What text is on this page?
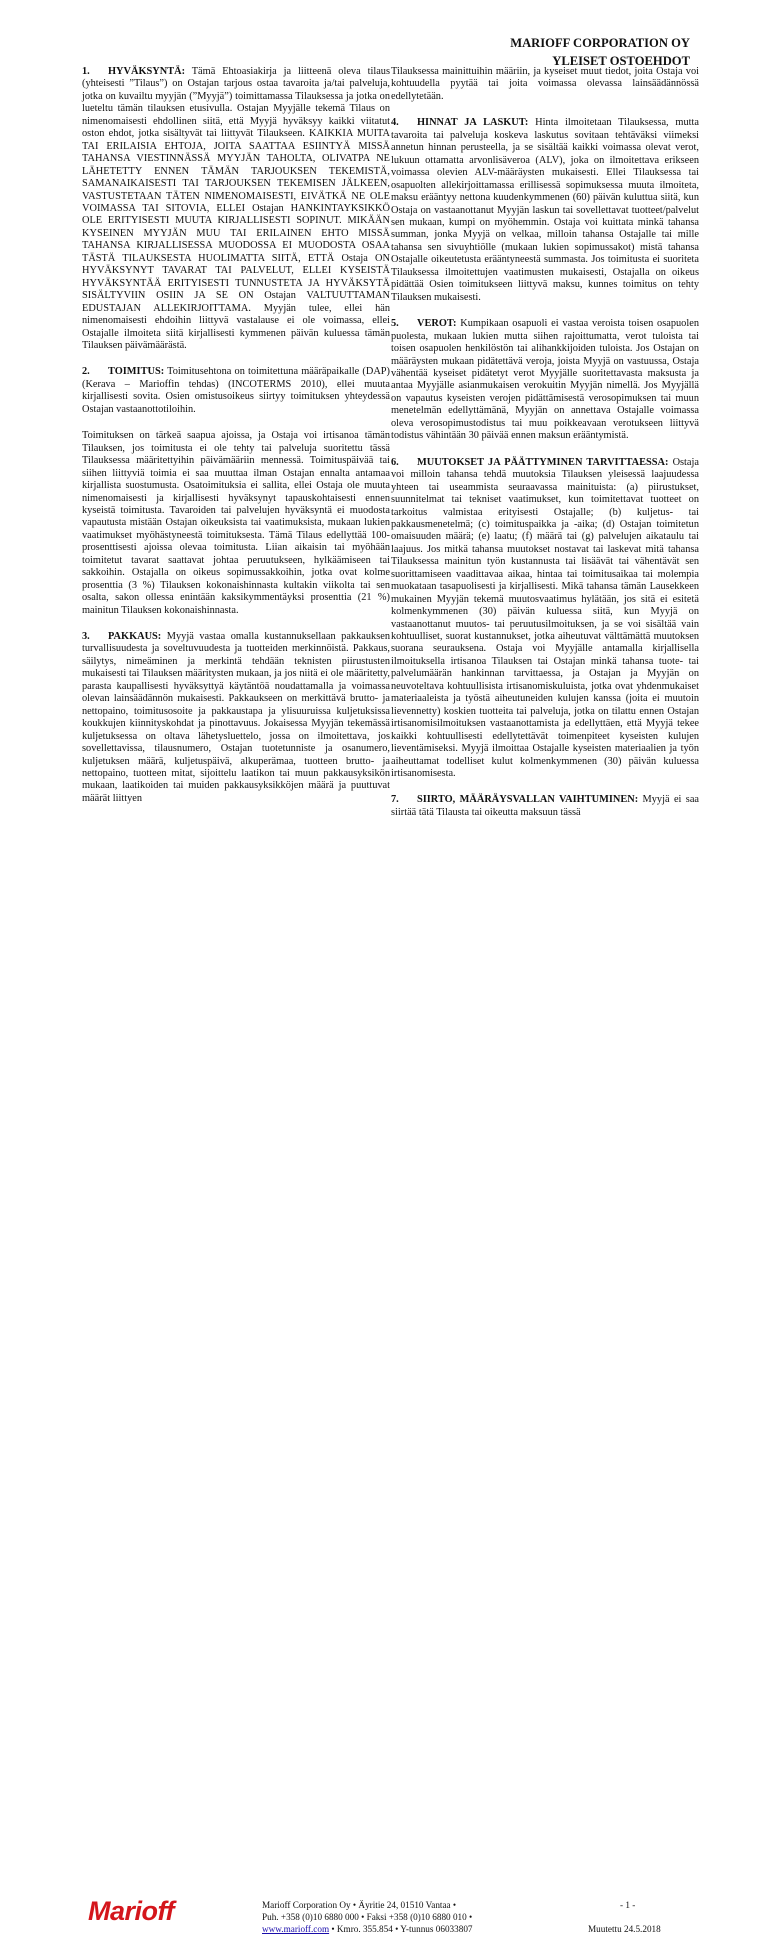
MARIOFF CORPORATION OY
YLEISET OSTOEHDOT

1. HYVÄKSYNTÄ: Tämä Ehtoasiakirja ja liitteenä oleva tilaus (yhteisesti ”Tilaus”) on Ostajan tarjous ostaa tavaroita ja/tai palveluja, jotka on kuvailtu myyjän (”Myyjä”) toimittamassa Tilauksessa ja jotka on lueteltu tämän tilauksen etusivulla. Ostajan Myyjälle tekemä Tilaus on nimenomaisesti ehdollinen siitä, että Myyjä hyväksyy kaikki viitatut oston ehdot, jotka sisältyvät tai liittyvät Tilaukseen. KAIKKIA MUITA TAI ERILAISIA EHTOJA, JOITA SAATTAA ESIINTYÄ MISSÄ TAHANSA VIESTINNÄSSÄ MYYJÄN TAHOLTA, OLIVATPA NE LÄHETETTY ENNEN TÄMÄN TARJOUKSEN TEKEMISTÄ, SAMANAIKAISESTI TAI TARJOUKSEN TEKEMISEN JÄLKEEN, VASTUSTETAAN TÄTEN NIMENOMAISESTI, EIVÄTKÄ NE OLE VOIMASSA TAI SITOVIA, ELLEI Ostajan HANKINTAYKSIKKÖ OLE ERITYISESTI MUUTA KIRJALLISESTI SOPINUT. MIKÄÄN KYSEINEN MYYJÄN MUU TAI ERILAINEN EHTO MISSÄ TAHANSA KIRJALLISESSA MUODOSSA EI MUODOSTA OSAA TÄSTÄ TILAUKSESTA HUOLIMATTA SIITÄ, ETTÄ Ostaja ON HYVÄKSYNYT TAVARAT TAI PALVELUT, ELLEI KYSEISTÄ HYVÄKSYNTÄÄ ERITYISESTI TUNNUSTETA JA HYVÄKSYTÄ SISÄLTYVIIN OSIIN JA SE ON Ostajan VALTUUTTAMAN EDUSTAJAN ALLEKIRJOITTAMA. Myyjän tulee, ellei hän nimenomaisesti ehdoihin liittyvä vastalause ei ole voimassa, ellei Ostajalle ilmoiteta siitä kirjallisesti kymmenen päivän kuluessa tämän Tilauksen päivämäärästä.

2. TOIMITUS: Toimitusehtona on toimitettuna määräpaikalle (DAP) (Kerava – Marioffin tehdas) (INCOTERMS 2010), ellei muuta kirjallisesti sovita. Osien omistusoikeus siirtyy toimituksen yhteydessä Ostajan vastaanottotiloihin.

Toimituksen on tärkeä saapua ajoissa, ja Ostaja voi irtisanoa tämän Tilauksen, jos toimitusta ei ole tehty tai palveluja suoritettu tässä Tilauksessa määritettyihin päivämääriin mennessä. Toimituspäivää tai siihen liittyviä toimia ei saa muuttaa ilman Ostajan ennalta antamaa kirjallista suostumusta. Osatoimituksia ei sallita, ellei Ostaja ole muuta nimenomaisesti ja kirjallisesti hyväksynyt tapauskohtaisesti ennen kyseistä toimitusta. Tavaroiden tai palvelujen hyväksyntä ei muodosta vapautusta mistään Ostajan oikeuksista tai vaatimuksista, mukaan lukien vaatimukset myöhästyneestä toimituksesta. Tämä Tilaus edellyttää 100-prosenttisesti ajoissa olevaa toimitusta. Liian aikaisin tai myöhään toimitetut tavarat saattavat johtaa peruutukseen, hylkäämiseen tai sakkoihin. Ostajalla on oikeus sopimussakkoihin, jotka ovat kolme prosenttia (3 %) Tilauksen kokonaishinnasta kultakin viikolta tai sen osalta, sakon ollessa enintään kaksikymmentäyksi prosenttia (21 %) mainitun Tilauksen kokonaishinnasta.

3. PAKKAUS: Myyjä vastaa omalla kustannuksellaan pakkauksen turvallisuudesta ja soveltuvuudesta ja tuotteiden merkinnöistä. Pakkaus, säilytys, nimeäminen ja merkintä tehdään teknisten piirustusten mukaisesti tai Tilauksen määritysten mukaan, ja jos niitä ei ole määritetty, parasta kaupallisesti hyväksyttyä käytäntöä noudattamalla ja voimassa olevan lainsäädännön mukaisesti. Pakkaukseen on merkittävä brutto- ja nettopaino, toimitusosoite ja pakkaustapa ja ylisuuruissa kuljetuksissa koukkujen kiinnityskohdat ja pinottavuus. Jokaisessa Myyjän tekemässä kuljetuksessa on oltava lähetysluettelo, jossa on ilmoitettava, jos sovellettavissa, tilausnumero, Ostajan tuotetunniste ja osanumero, kuljetuksen määrä, kuljetuspäivä, alkuperämaa, tuotteen brutto- ja nettopaino, tuotteen mitat, sijoittelu laatikon tai muun pakkausyksikön mukaan, laatikoiden tai muiden pakkausyksikköjen määrä ja puuttuvat määrät liittyen

Tilauksessa mainittuihin määriin, ja kyseiset muut tiedot, joita Ostaja voi kohtuudella pyytää tai joita voimassa olevassa lainsäädännössä edellytetään.

4. HINNAT JA LASKUT: Hinta ilmoitetaan Tilauksessa, mutta tavaroita tai palveluja koskeva laskutus sovitaan tehtäväksi viimeksi annetun hinnan perusteella, ja se sisältää kaikki voimassa olevat verot, lukuun ottamatta arvonlisäveroa (ALV), joka on ilmoitettava erikseen voimassa olevien ALV-määräysten mukaisesti. Ellei Tilauksessa tai osapuolten allekirjoittamassa erillisessä sopimuksessa muuta ilmoiteta, maksu erääntyy nettona kuudenkymmenen (60) päivän kuluttua siitä, kun Ostaja on vastaanottanut Myyjän laskun tai sovellettavat tuotteet/palvelut sen mukaan, kumpi on myöhemmin. Ostaja voi kuittata minkä tahansa summan, jonka Myyjä on velkaa, milloin tahansa Ostajalle tai mille tahansa sen sivuyhtiölle (mukaan lukien sopimussakot) mistä tahansa Ostajalle oikeutetusta erääntyneestä summasta. Jos toimitusta ei suoriteta Tilauksessa ilmoitettujen vaatimusten mukaisesti, Ostajalla on oikeus pidättää Osien toimitukseen liittyvä maksu, kunnes toimitus on tehty Tilauksen mukaisesti.

5. VEROT: Kumpikaan osapuoli ei vastaa veroista toisen osapuolen puolesta, mukaan lukien mutta siihen rajoittumatta, verot tuloista tai toisen osapuolen henkilöstön tai alihankkijoiden tuloista. Jos Ostajan on määräysten mukaan pidätettävä veroja, joista Myyjä on vastuussa, Ostaja vähentää kyseiset pidätetyt verot Myyjälle suoritettavasta maksusta ja antaa Myyjälle asianmukaisen verokuitin Myyjän nimellä. Jos Myyjällä on vapautus kyseisten verojen pidättämisestä verosopimuksen tai muun menetelmän edellyttämänä, Myyjän on annettava Ostajalle voimassa oleva verosopimustodistus tai muu poikkeavaan verotukseen liittyvä todistus vähintään 30 päivää ennen maksun erääntymistä.

6. MUUTOKSET JA PÄÄTTYMINEN TARVITTAESSA: Ostaja voi milloin tahansa tehdä muutoksia Tilauksen yleisessä laajuudessa yhteen tai useammista seuraavassa mainituista: (a) piirustukset, suunnitelmat tai tekniset vaatimukset, kun toimitettavat tuotteet on tarkoitus valmistaa erityisesti Ostajalle; (b) kuljetus- tai pakkausmenetelmä; (c) toimituspaikka ja -aika; (d) Ostajan toimitetun omaisuuden määrä; (e) laatu; (f) määrä tai (g) palvelujen aikataulu tai laajuus. Jos mitkä tahansa muutokset nostavat tai laskevat mitä tahansa Tilauksessa mainitun työn kustannusta tai lisäävät tai vähentävät sen suorittamiseen vaadittavaa aikaa, hintaa tai toimitusaikaa tai molempia muokataan tasapuolisesti ja kirjallisesti. Mikä tahansa tämän Lausekkeen mukainen Myyjän tekemä muutosvaatimus hylätään, jos sitä ei esitetä kolmenkymmenen (30) päivän kuluessa siitä, kun Myyjä on vastaanottanut muutos- tai peruutusilmoituksen, ja se voi sisältää vain kohtuulliset, suorat kustannukset, jotka aiheutuvat välttämättä muutoksen suorana seurauksena. Ostaja voi Myyjälle antamalla kirjallisella ilmoituksella irtisanoa Tilauksen tai Ostajan minkä tahansa tuote- tai palvelumäärän hankinnan tarvittaessa, ja Ostajan ja Myyjän on neuvoteltava kohtuullisista irtisanomiskuluista, jotka ovat yhdenmukaiset materiaaleista ja työstä aiheutuneiden kulujen kanssa (joita ei muutoin lievennetty) koskien tuotteita tai palveluja, jotka on tilattu ennen Ostajan irtisanomisilmoituksen vastaanottamista ja edellyttäen, että Myyjä tekee kaikki kohtuullisesti edellytettävät toimenpiteet kyseisten kulujen lieventämiseksi. Myyjä ilmoittaa Ostajalle kyseisten materiaalien ja työn aiheuttamat todelliset kulut kolmenkymmenen (30) päivän kuluessa irtisanomisesta.

7. SIIRTO, MÄÄRÄYSVALLAN VAIHTUMINEN: Myyjä ei saa siirtää tätä Tilausta tai oikeutta maksuun tässä

Marioff	Marioff Corporation Oy • Äyritie 24, 01510 Vantaa •
Puh. +358 (0)10 6880 000 • Faksi +358 (0)10 6880 010 •
www.marioff.com • Kmro. 355.854 • Y-tunnus 06033807
- 1 -
Muutettu 24.5.2018
